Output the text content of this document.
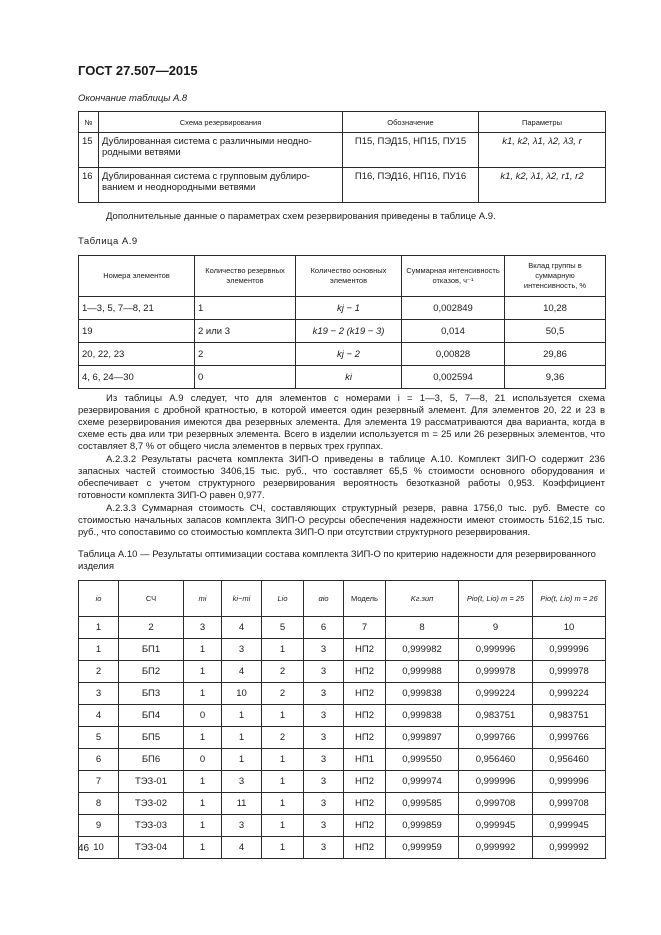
ГОСТ 27.507—2015
Окончание таблицы А.8
№	Схема резервирования	Обозначение	Параметры
15	Дублированная система с различными неодно-родными ветвями	П15, ПЭД15, НП15, ПУ15	k1, k2, λ1, λ2, λ3, r
16	Дублированная система с групповым дублиро-ванием и неоднородными ветвями	П16, ПЭД16, НП16, ПУ16	k1, k2, λ1, λ2, r1, r2
Дополнительные данные о параметрах схем резервирования приведены в таблице А.9.
Таблица А.9
Номера элементов	Количество резервных элементов	Количество основных элементов	Суммарная интенсивность отказов, ч⁻¹	Вклад группы в суммарную интенсивность, %
1—3, 5, 7—8, 21	1	kj − 1	0,002849	10,28
19	2 или 3	k19 − 2 (k19 − 3)	0,014	50,5
20, 22, 23	2	kj − 2	0,00828	29,86
4, 6, 24—30	0	ki	0,002594	9,36
Из таблицы А.9 следует, что для элементов с номерами i = 1—3, 5, 7—8, 21 используется схема резервирования с дробной кратностью, в которой имеется один резервный элемент. Для элементов 20, 22 и 23 в схеме резервирования имеются два резервных элемента. Для элемента 19 рассматриваются два варианта, когда в схеме есть два или три резервных элемента. Всего в изделии используется m = 25 или 26 резервных элементов, что составляет 8,7 % от общего числа элементов в первых трех группах.
А.2.3.2 Результаты расчета комплекта ЗИП-О приведены в таблице А.10. Комплект ЗИП-О содержит 236 запасных частей стоимостью 3406,15 тыс. руб., что составляет 65,5 % стоимости основного оборудования и обеспечивает с учетом структурного резервирования вероятность безотказной работы 0,953. Коэффициент готовности комплекта ЗИП-О равен 0,977.
А.2.3.3 Суммарная стоимость СЧ, составляющих структурный резерв, равна 1756,0 тыс. руб. Вместе со стоимостью начальных запасов комплекта ЗИП-О ресурсы обеспечения надежности имеют стоимость 5162,15 тыс. руб., что сопоставимо со стоимостью комплекта ЗИП-О при отсутствии структурного резервирования.
Таблица А.10 — Результаты оптимизации состава комплекта ЗИП-О по критерию надежности для резервированного изделия
io	СЧ	mi	ki−mi	Lio	αio	Модель	Kг.зип	Pio(t, Lio) m = 25	Pio(t, Lio) m = 26
1	2	3	4	5	6	7	8	9	10
1	БП1	1	3	1	3	НП2	0,999982	0,999996	0,999996
2	БП2	1	4	2	3	НП2	0,999988	0,999978	0,999978
3	БП3	1	10	2	3	НП2	0,999838	0,999224	0,999224
4	БП4	0	1	1	3	НП2	0,999838	0,983751	0,983751
5	БП5	1	1	2	3	НП2	0,999897	0,999766	0,999766
6	БП6	0	1	1	3	НП1	0,999550	0,956460	0,956460
7	ТЭЗ-01	1	3	1	3	НП2	0,999974	0,999996	0,999996
8	ТЭЗ-02	1	11	1	3	НП2	0,999585	0,999708	0,999708
9	ТЭЗ-03	1	3	1	3	НП2	0,999859	0,999945	0,999945
10	ТЭЗ-04	1	4	1	3	НП2	0,999959	0,999992	0,999992
46
